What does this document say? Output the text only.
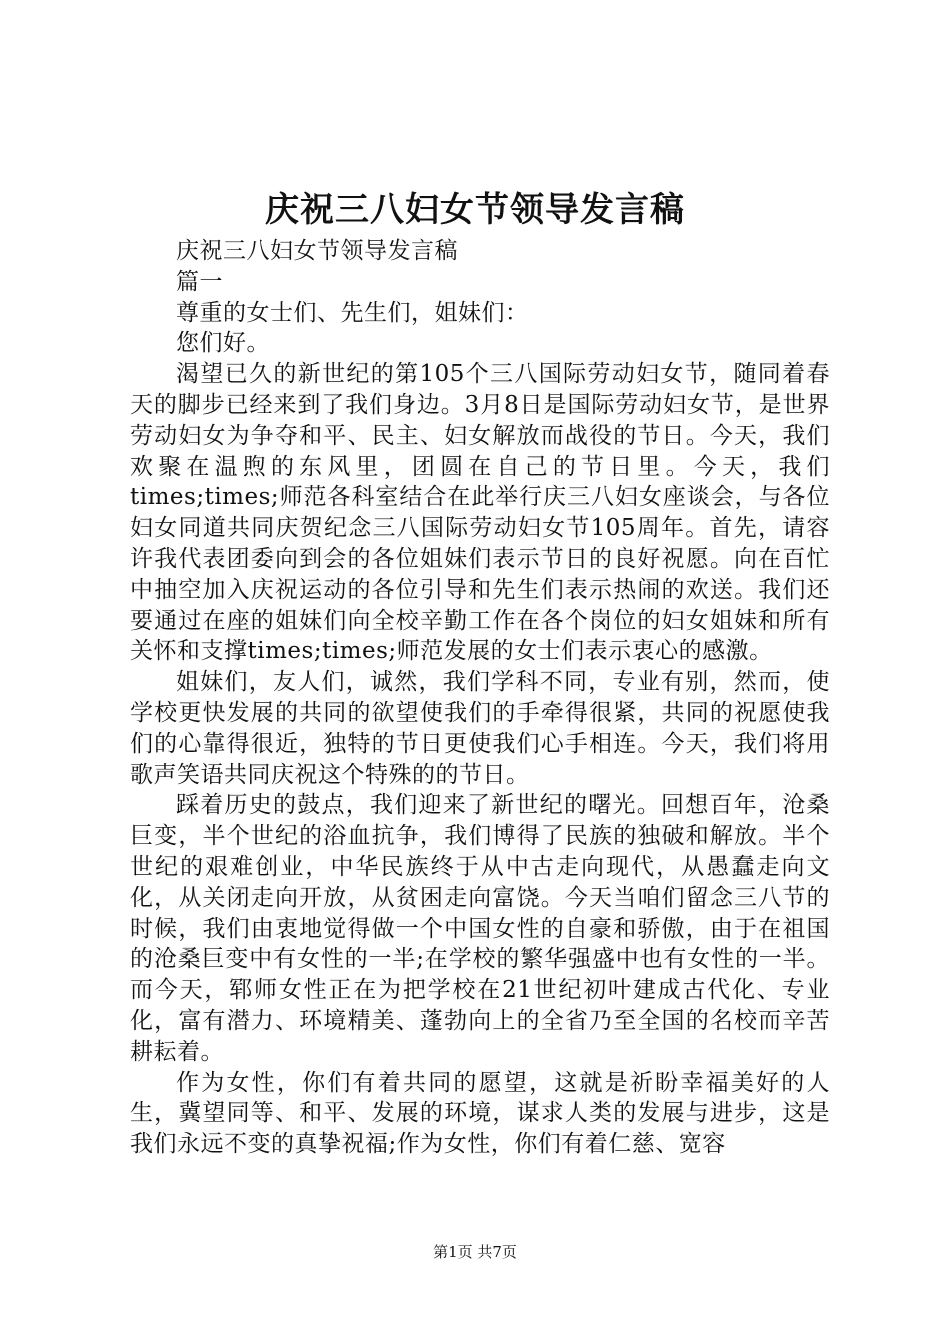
庆祝三八妇女节领导发言稿

庆祝三八妇女节领导发言稿

篇一

尊重的女士们、先生们，姐妹们：

您们好。

渴望已久的新世纪的第105个三八国际劳动妇女节，随同着春天的脚步已经来到了我们身边。3月8日是国际劳动妇女节，是世界劳动妇女为争夺和平、民主、妇女解放而战役的节日。今天，我们欢聚在温煦的东风里，团圆在自己的节日里。今天，我们times;times;师范各科室结合在此举行庆三八妇女座谈会，与各位妇女同道共同庆贺纪念三八国际劳动妇女节105周年。首先，请容许我代表团委向到会的各位姐妹们表示节日的良好祝愿。向在百忙中抽空加入庆祝运动的各位引导和先生们表示热闹的欢送。我们还要通过在座的姐妹们向全校辛勤工作在各个岗位的妇女姐妹和所有关怀和支撑times;times;师范发展的女士们表示衷心的感激。

姐妹们，友人们，诚然，我们学科不同，专业有别，然而，使学校更快发展的共同的欲望使我们的手牵得很紧，共同的祝愿使我们的心靠得很近，独特的节日更使我们心手相连。今天，我们将用歌声笑语共同庆祝这个特殊的的节日。

踩着历史的鼓点，我们迎来了新世纪的曙光。回想百年，沧桑巨变，半个世纪的浴血抗争，我们博得了民族的独破和解放。半个世纪的艰难创业，中华民族终于从中古走向现代，从愚蠢走向文化，从关闭走向开放，从贫困走向富饶。今天当咱们留念三八节的时候，我们由衷地觉得做一个中国女性的自豪和骄傲，由于在祖国的沧桑巨变中有女性的一半;在学校的繁华强盛中也有女性的一半。而今天，郓师女性正在为把学校在21世纪初叶建成古代化、专业化，富有潜力、环境精美、蓬勃向上的全省乃至全国的名校而辛苦耕耘着。

作为女性，你们有着共同的愿望，这就是祈盼幸福美好的人生，冀望同等、和平、发展的环境，谋求人类的发展与进步，这是我们永远不变的真挚祝福;作为女性，你们有着仁慈、宽容

第1页 共7页
